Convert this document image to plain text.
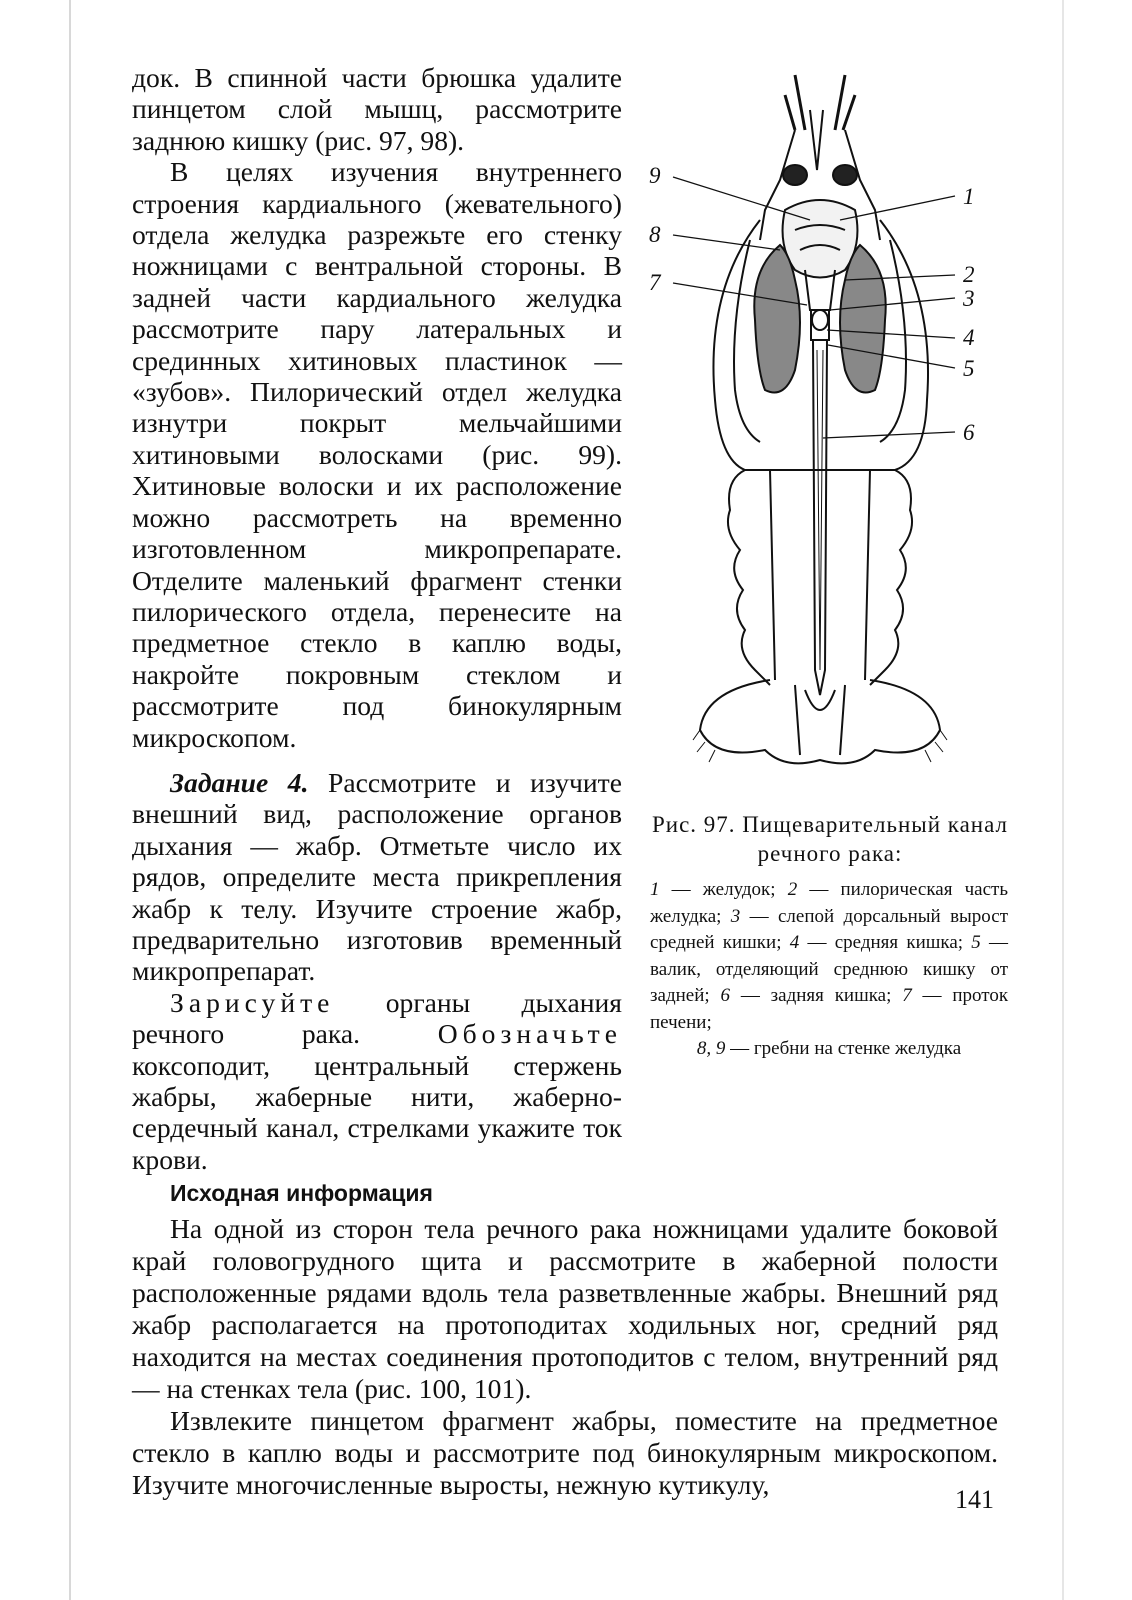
док. В спинной части брюшка удалите пинцетом слой мышц, рассмотрите заднюю кишку (рис. 97, 98).

В целях изучения внутреннего строения кардиального (жевательного) отдела желудка разрежьте его стенку ножницами с вентральной стороны. В задней части кардиального желудка рассмотрите пару латеральных и срединных хитиновых пластинок — «зубов». Пилорический отдел желудка изнутри покрыт мельчайшими хитиновыми волосками (рис. 99). Хитиновые волоски и их расположение можно рассмотреть на временно изготовленном микропрепарате. Отделите маленький фрагмент стенки пилорического отдела, перенесите на предметное стекло в каплю воды, накройте покровным стеклом и рассмотрите под бинокулярным микроскопом.

Задание 4. Рассмотрите и изучите внешний вид, расположение органов дыхания — жабр. Отметьте число их рядов, определите места прикрепления жабр к телу. Изучите строение жабр, предварительно изготовив временный микропрепарат.

Зарисуйте органы дыхания речного рака.	Обозначьте коксоподит, центральный стержень жабры, жаберные нити, жаберно-сердечный канал, стрелками укажите ток крови.

9
1
8
2
7
3
4
5
6
Рис. 97. Пищеварительный канал речного рака:
1 — желудок; 2 — пилорическая часть желудка; 3 — слепой дорсальный вырост средней кишки; 4 — средняя кишка; 5 — валик, отделяющий среднюю кишку от задней; 6 — задняя кишка; 7 — проток печени;
8, 9 — гребни на стенке желудка

Исходная информация

На одной из сторон тела речного рака ножницами удалите боковой край головогрудного щита и рассмотрите в жаберной полости расположенные рядами вдоль тела разветвленные жабры. Внешний ряд жабр располагается на протоподитах ходильных ног, средний ряд находится на местах соединения протоподитов с телом, внутренний ряд — на стенках тела (рис. 100, 101).

Извлеките пинцетом фрагмент жабры, поместите на предметное стекло в каплю воды и рассмотрите под бинокулярным микроскопом. Изучите многочисленные выросты, нежную кутикулу,	141
